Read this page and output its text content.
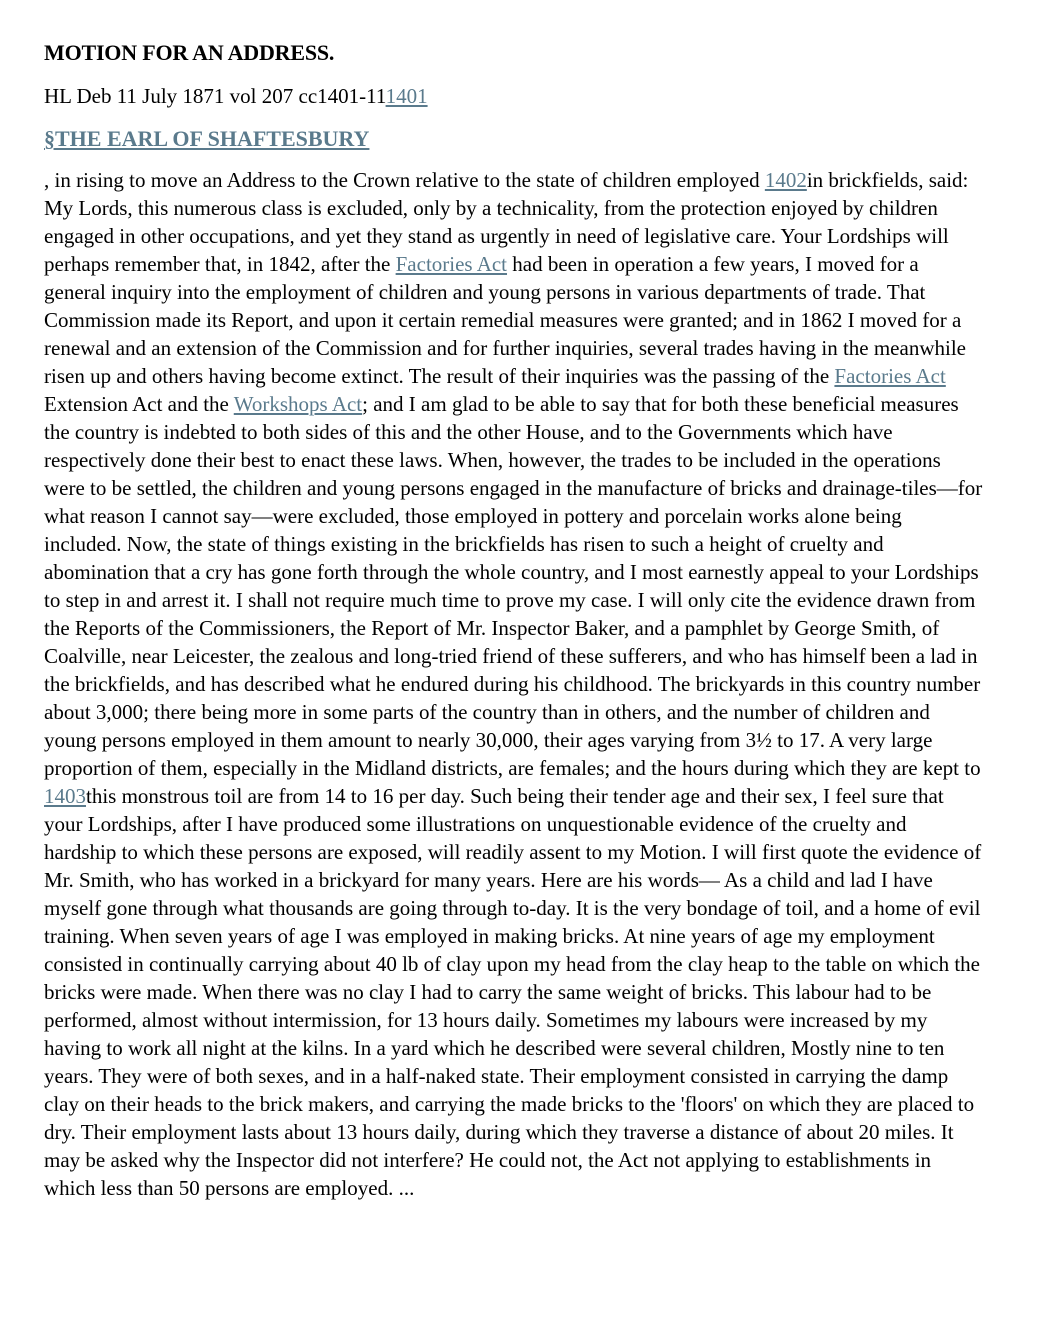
MOTION FOR AN ADDRESS.
HL Deb 11 July 1871 vol 207 cc1401-111401
§THE EARL OF SHAFTESBURY

, in rising to move an Address to the Crown relative to the state of children employed 1402in brickfields, said: My Lords, this numerous class is excluded, only by a technicality, from the protection enjoyed by children engaged in other occupations, and yet they stand as urgently in need of legislative care. Your Lordships will perhaps remember that, in 1842, after the Factories Act had been in operation a few years, I moved for a general inquiry into the employment of children and young persons in various departments of trade. That Commission made its Report, and upon it certain remedial measures were granted; and in 1862 I moved for a renewal and an extension of the Commission and for further inquiries, several trades having in the meanwhile risen up and others having become extinct. The result of their inquiries was the passing of the Factories Act Extension Act and the Workshops Act; and I am glad to be able to say that for both these beneficial measures the country is indebted to both sides of this and the other House, and to the Governments which have respectively done their best to enact these laws. When, however, the trades to be included in the operations were to be settled, the children and young persons engaged in the manufacture of bricks and drainage-tiles—for what reason I cannot say—were excluded, those employed in pottery and porcelain works alone being included. Now, the state of things existing in the brickfields has risen to such a height of cruelty and abomination that a cry has gone forth through the whole country, and I most earnestly appeal to your Lordships to step in and arrest it. I shall not require much time to prove my case. I will only cite the evidence drawn from the Reports of the Commissioners, the Report of Mr. Inspector Baker, and a pamphlet by George Smith, of Coalville, near Leicester, the zealous and long-tried friend of these sufferers, and who has himself been a lad in the brickfields, and has described what he endured during his childhood. The brickyards in this country number about 3,000; there being more in some parts of the country than in others, and the number of children and young persons employed in them amount to nearly 30,000, their ages varying from 3½ to 17. A very large proportion of them, especially in the Midland districts, are females; and the hours during which they are kept to 1403this monstrous toil are from 14 to 16 per day. Such being their tender age and their sex, I feel sure that your Lordships, after I have produced some illustrations on unquestionable evidence of the cruelty and hardship to which these persons are exposed, will readily assent to my Motion. I will first quote the evidence of Mr. Smith, who has worked in a brickyard for many years. Here are his words— As a child and lad I have myself gone through what thousands are going through to-day. It is the very bondage of toil, and a home of evil training. When seven years of age I was employed in making bricks. At nine years of age my employment consisted in continually carrying about 40 lb of clay upon my head from the clay heap to the table on which the bricks were made. When there was no clay I had to carry the same weight of bricks. This labour had to be performed, almost without intermission, for 13 hours daily. Sometimes my labours were increased by my having to work all night at the kilns. In a yard which he described were several children, Mostly nine to ten years. They were of both sexes, and in a half-naked state. Their employment consisted in carrying the damp clay on their heads to the brick makers, and carrying the made bricks to the 'floors' on which they are placed to dry. Their employment lasts about 13 hours daily, during which they traverse a distance of about 20 miles. It may be asked why the Inspector did not interfere? He could not, the Act not applying to establishments in which less than 50 persons are employed. ...
